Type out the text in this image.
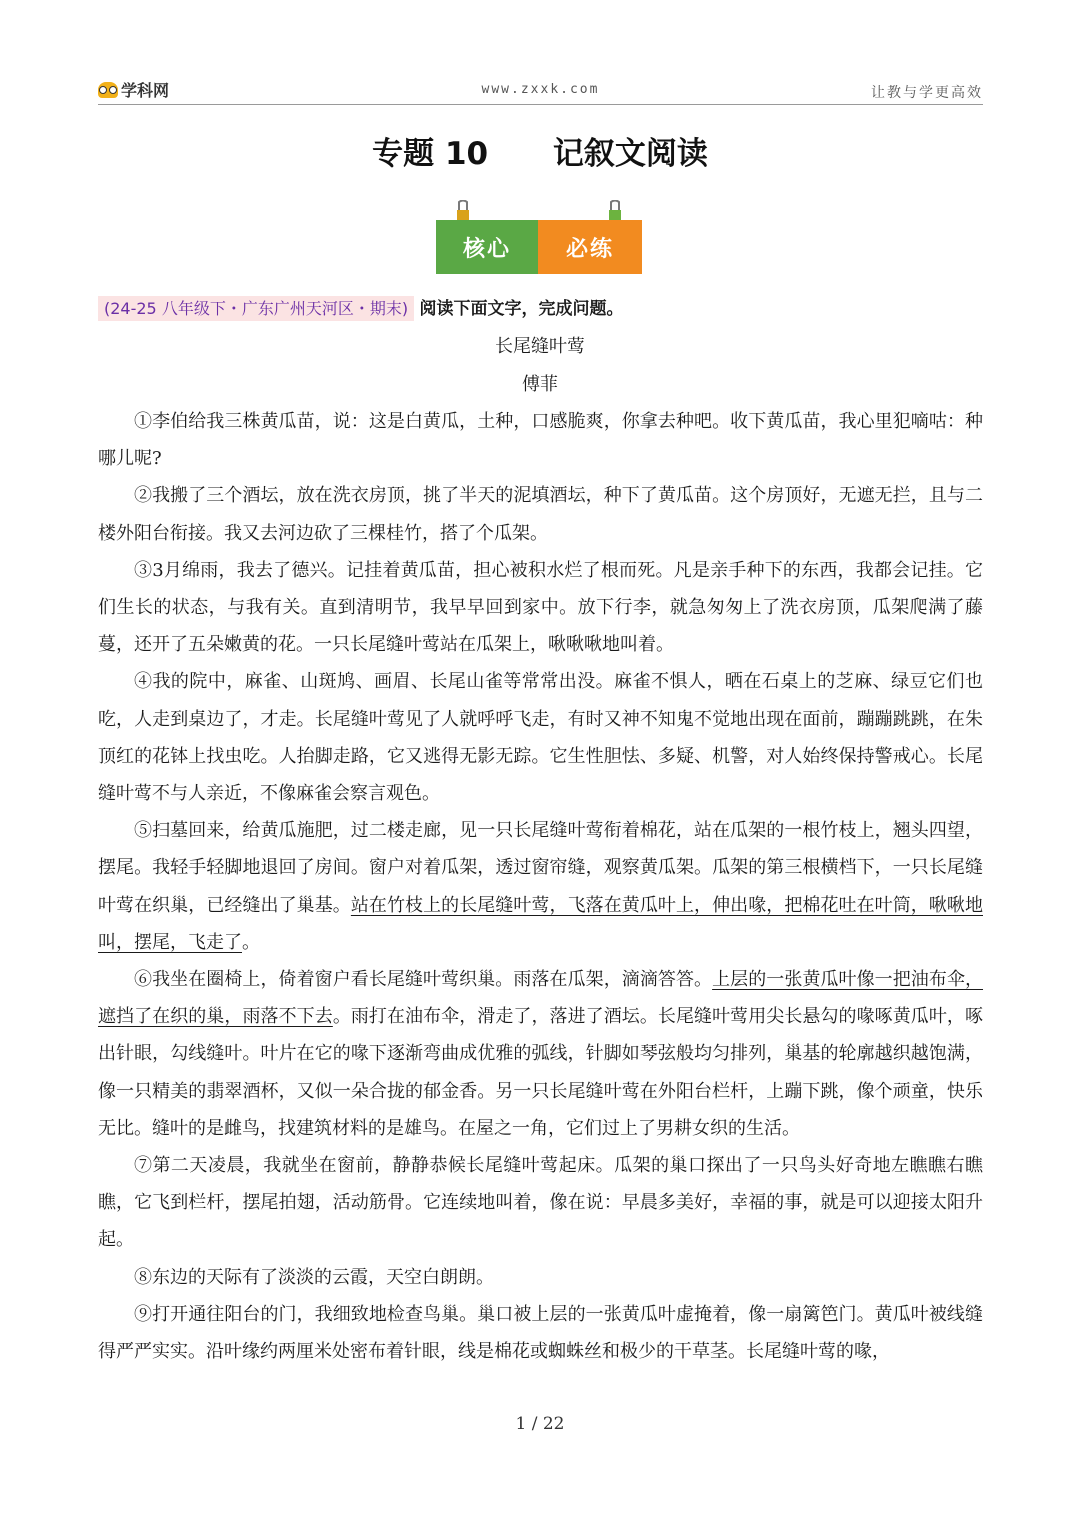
学科网	www.zxxk.com	让教与学更高效
专题 10      记叙文阅读
核心	必练
(24-25 八年级下・广东广州天河区・期末) 阅读下面文字，完成问题。
长尾缝叶莺
傅菲

①李伯给我三株黄瓜苗，说：这是白黄瓜，土种，口感脆爽，你拿去种吧。收下黄瓜苗，我心里犯嘀咕：种哪儿呢?

②我搬了三个酒坛，放在洗衣房顶，挑了半天的泥填酒坛，种下了黄瓜苗。这个房顶好，无遮无拦，且与二楼外阳台衔接。我又去河边砍了三棵桂竹，搭了个瓜架。

③3月绵雨，我去了德兴。记挂着黄瓜苗，担心被积水烂了根而死。凡是亲手种下的东西，我都会记挂。它们生长的状态，与我有关。直到清明节，我早早回到家中。放下行李，就急匆匆上了洗衣房顶，瓜架爬满了藤蔓，还开了五朵嫩黄的花。一只长尾缝叶莺站在瓜架上，啾啾啾地叫着。

④我的院中，麻雀、山斑鸠、画眉、长尾山雀等常常出没。麻雀不惧人，晒在石桌上的芝麻、绿豆它们也吃，人走到桌边了，才走。长尾缝叶莺见了人就呼呼飞走，有时又神不知鬼不觉地出现在面前，蹦蹦跳跳，在朱顶红的花钵上找虫吃。人抬脚走路，它又逃得无影无踪。它生性胆怯、多疑、机警，对人始终保持警戒心。长尾缝叶莺不与人亲近，不像麻雀会察言观色。

⑤扫墓回来，给黄瓜施肥，过二楼走廊，见一只长尾缝叶莺衔着棉花，站在瓜架的一根竹枝上，翘头四望，摆尾。我轻手轻脚地退回了房间。窗户对着瓜架，透过窗帘缝，观察黄瓜架。瓜架的第三根横档下，一只长尾缝叶莺在织巢，已经缝出了巢基。站在竹枝上的长尾缝叶莺，飞落在黄瓜叶上，伸出喙，把棉花吐在叶筒，啾啾地叫，摆尾，飞走了。

⑥我坐在圈椅上，倚着窗户看长尾缝叶莺织巢。雨落在瓜架，滴滴答答。上层的一张黄瓜叶像一把油布伞，遮挡了在织的巢，雨落不下去。雨打在油布伞，滑走了，落进了酒坛。长尾缝叶莺用尖长悬勾的喙啄黄瓜叶，啄出针眼，勾线缝叶。叶片在它的喙下逐渐弯曲成优雅的弧线，针脚如琴弦般均匀排列，巢基的轮廓越织越饱满，像一只精美的翡翠酒杯，又似一朵合拢的郁金香。另一只长尾缝叶莺在外阳台栏杆，上蹦下跳，像个顽童，快乐无比。缝叶的是雌鸟，找建筑材料的是雄鸟。在屋之一角，它们过上了男耕女织的生活。

⑦第二天凌晨，我就坐在窗前，静静恭候长尾缝叶莺起床。瓜架的巢口探出了一只鸟头好奇地左瞧瞧右瞧瞧，它飞到栏杆，摆尾拍翅，活动筋骨。它连续地叫着，像在说：早晨多美好，幸福的事，就是可以迎接太阳升起。

⑧东边的天际有了淡淡的云霞，天空白朗朗。

⑨打开通往阳台的门，我细致地检查鸟巢。巢口被上层的一张黄瓜叶虚掩着，像一扇篱笆门。黄瓜叶被线缝得严严实实。沿叶缘约两厘米处密布着针眼，线是棉花或蜘蛛丝和极少的干草茎。长尾缝叶莺的喙，

1 / 22
